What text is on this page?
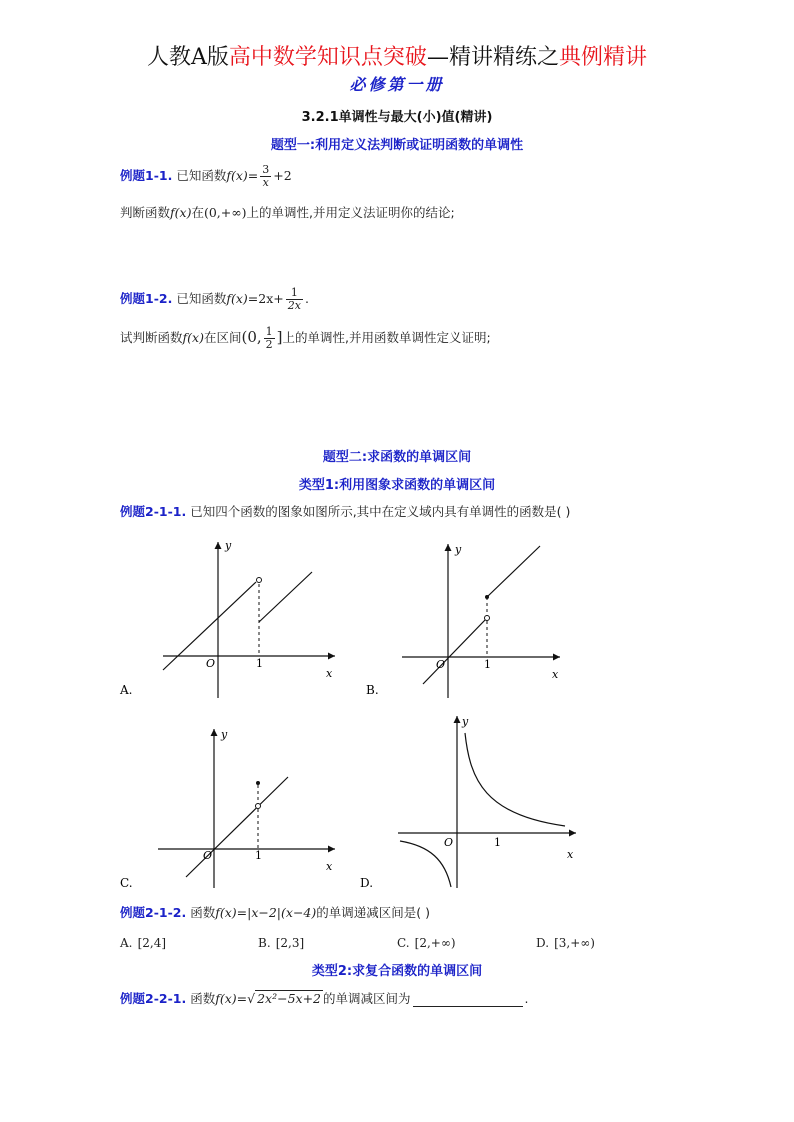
人教A版高中数学知识点突破—精讲精练之典例精讲
必修第一册
3.2.1单调性与最大(小)值(精讲)
题型一:利用定义法判断或证明函数的单调性
例题1-1. 已知函数$f(x)= \frac{3}{x} +2$
判断函数f(x)在(0,+∞)上的单调性,并用定义法证明你的结论;
例题1-2. 已知函数$f(x)=2x+ \frac{1}{2x}$ .
试判断函数f(x)在区间(0, $\frac{1}{2}$ ]上的单调性,并用函数单调性定义证明;
题型二:求函数的单调区间
类型1:利用图象求函数的单调区间
例题2-1-1. 已知四个函数的图象如图所示,其中在定义域内具有单调性的函数是( )
y
x
O	1
A.
y
x
O	1
B.
y
x
O	1
C.
y
x
O	1
D.
例题2-1-2. 函数f(x)=|x−2|(x−4)的单调递减区间是( )
A. [2,4]	B. [2,3]	C. [2,+∞)	D. [3,+∞)
类型2:求复合函数的单调区间
例题2-2-1. 函数f(x)=√ 2x²−5x+2 的单调减区间为	.
